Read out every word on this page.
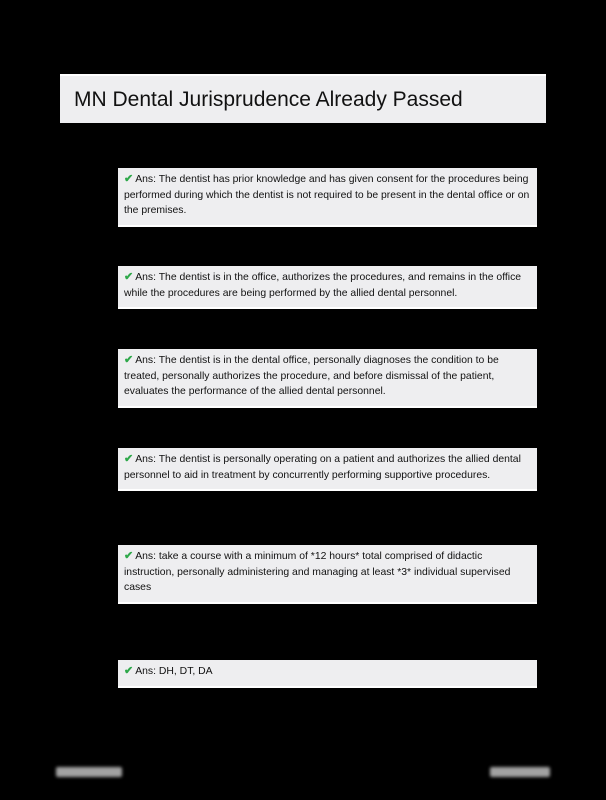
MN Dental Jurisprudence Already Passed
✔ Ans: The dentist has prior knowledge and has given consent for the procedures being performed during which the dentist is not required to be present in the dental office or on the premises.
✔ Ans: The dentist is in the office, authorizes the procedures, and remains in the office while the procedures are being performed by the allied dental personnel.
✔ Ans: The dentist is in the dental office, personally diagnoses the condition to be treated, personally authorizes the procedure, and before dismissal of the patient, evaluates the performance of the allied dental personnel.
✔ Ans: The dentist is personally operating on a patient and authorizes the allied dental personnel to aid in treatment by concurrently performing supportive procedures.
✔ Ans: take a course with a minimum of *12 hours* total comprised of didactic instruction, personally administering and managing at least *3* individual supervised cases
✔ Ans: DH, DT, DA
